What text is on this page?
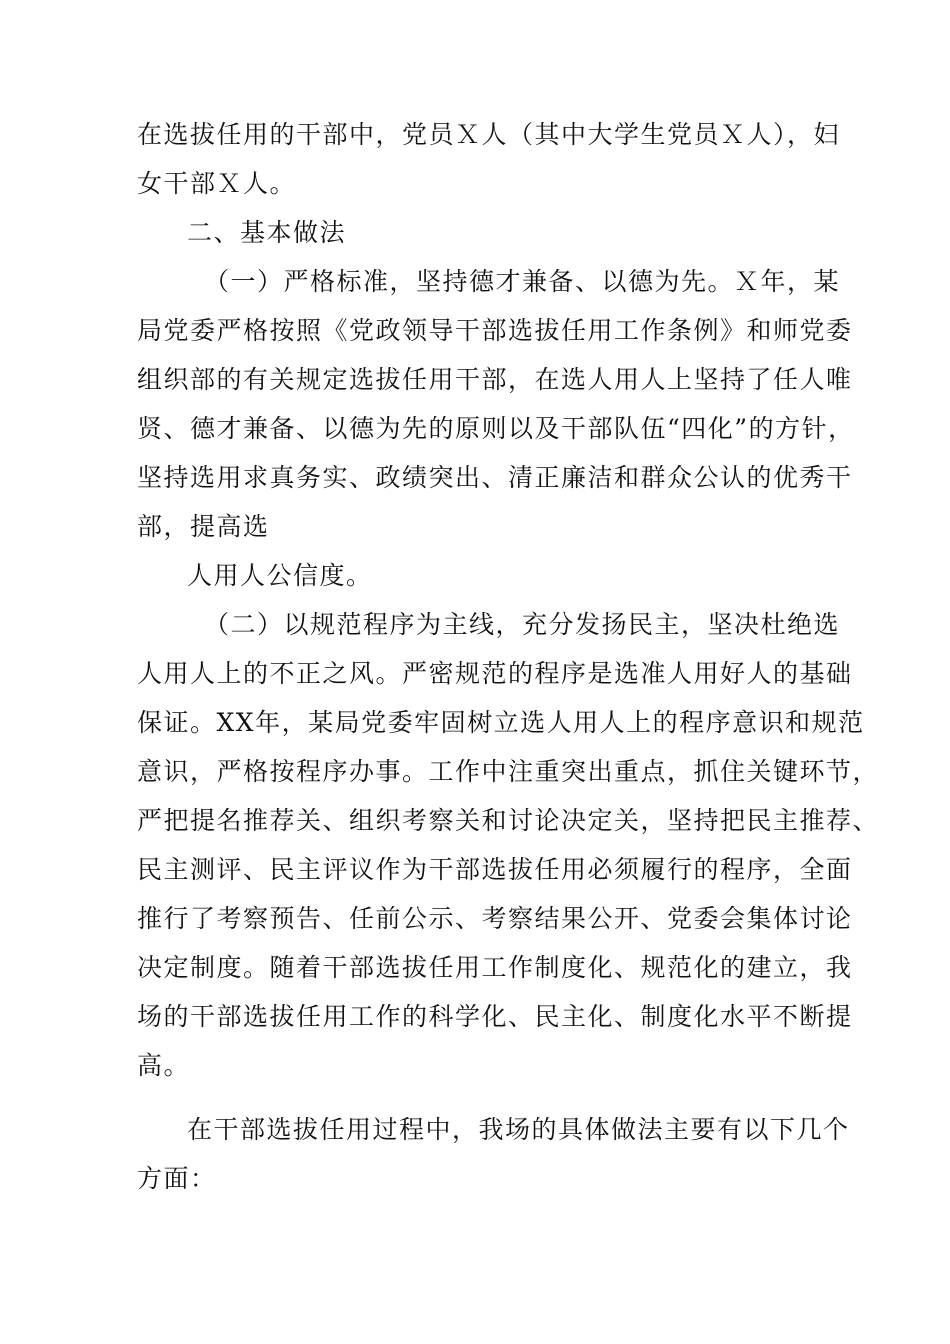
在选拔任用的干部中，党员Ｘ人（其中大学生党员Ｘ人），妇
女干部Ｘ人。
二、基本做法
（一）严格标准，坚持德才兼备、以德为先。Ｘ年，某
局党委严格按照《党政领导干部选拔任用工作条例》和师党委
组织部的有关规定选拔任用干部，在选人用人上坚持了任人唯
贤、德才兼备、以德为先的原则以及干部队伍“四化”的方针，
坚持选用求真务实、政绩突出、清正廉洁和群众公认的优秀干
部，提高选
人用人公信度。
（二）以规范程序为主线，充分发扬民主，坚决杜绝选
人用人上的不正之风。严密规范的程序是选准人用好人的基础
保证。XX年，某局党委牢固树立选人用人上的程序意识和规范
意识，严格按程序办事。工作中注重突出重点，抓住关键环节，
严把提名推荐关、组织考察关和讨论决定关，坚持把民主推荐、
民主测评、民主评议作为干部选拔任用必须履行的程序，全面
推行了考察预告、任前公示、考察结果公开、党委会集体讨论
决定制度。随着干部选拔任用工作制度化、规范化的建立，我
场的干部选拔任用工作的科学化、民主化、制度化水平不断提
高。
在干部选拔任用过程中，我场的具体做法主要有以下几个
方面：
